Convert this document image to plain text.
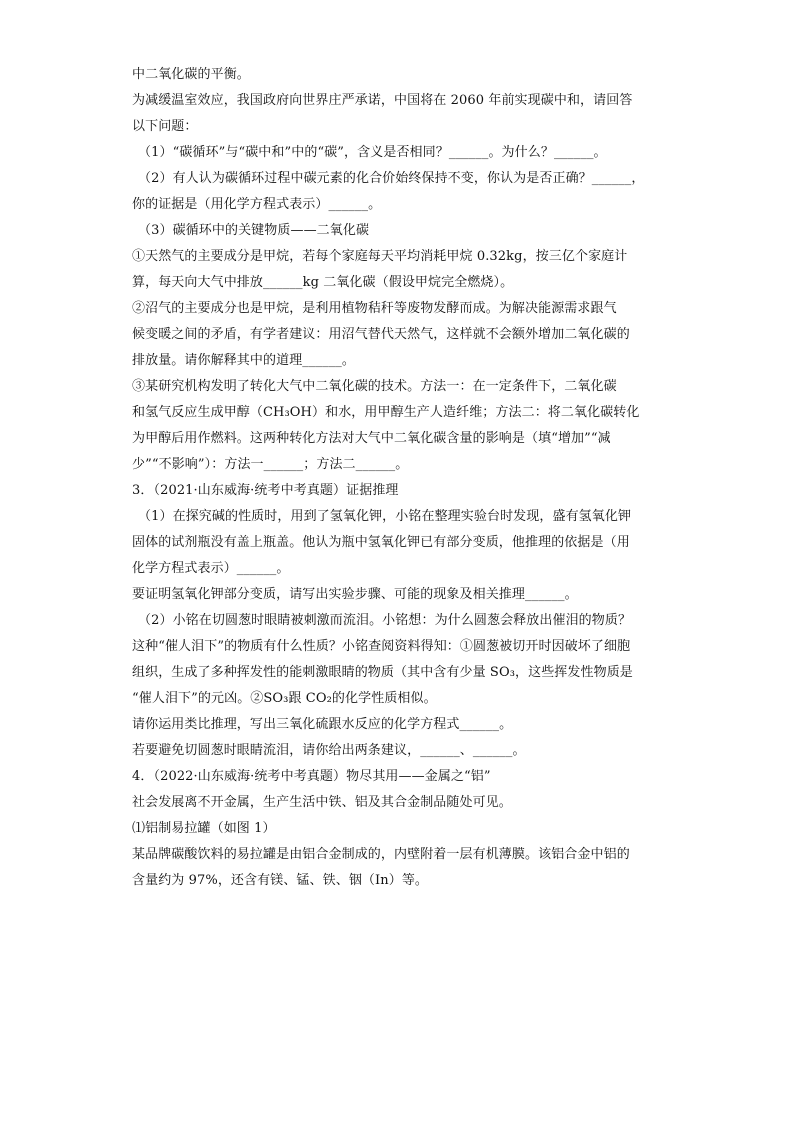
中二氧化碳的平衡。
为减缓温室效应，我国政府向世界庄严承诺，中国将在 2060 年前实现碳中和，请回答
以下问题：
（1）“碳循环”与“碳中和”中的“碳”，含义是否相同？______。为什么？______。
（2）有人认为碳循环过程中碳元素的化合价始终保持不变，你认为是否正确？______，
你的证据是（用化学方程式表示）______。
（3）碳循环中的关键物质——二氧化碳
①天然气的主要成分是甲烷，若每个家庭每天平均消耗甲烷 0.32kg，按三亿个家庭计
算，每天向大气中排放______kg 二氧化碳（假设甲烷完全燃烧）。
②沼气的主要成分也是甲烷，是利用植物秸秆等废物发酵而成。为解决能源需求跟气
候变暖之间的矛盾，有学者建议：用沼气替代天然气，这样就不会额外增加二氧化碳的
排放量。请你解释其中的道理______。
③某研究机构发明了转化大气中二氧化碳的技术。方法一：在一定条件下，二氧化碳
和氢气反应生成甲醇（CH₃OH）和水，用甲醇生产人造纤维；方法二：将二氧化碳转化
为甲醇后用作燃料。这两种转化方法对大气中二氧化碳含量的影响是（填“增加”“减
少”“不影响”）：方法一______；方法二______。
3．（2021·山东威海·统考中考真题）证据推理
（1）在探究碱的性质时，用到了氢氧化钾，小铭在整理实验台时发现，盛有氢氧化钾
固体的试剂瓶没有盖上瓶盖。他认为瓶中氢氧化钾已有部分变质，他推理的依据是（用
化学方程式表示）______。
要证明氢氧化钾部分变质，请写出实验步骤、可能的现象及相关推理______。
（2）小铭在切圆葱时眼睛被刺激而流泪。小铭想：为什么圆葱会释放出催泪的物质？
这种“催人泪下”的物质有什么性质？小铭查阅资料得知：①圆葱被切开时因破坏了细胞
组织，生成了多种挥发性的能刺激眼睛的物质（其中含有少量 SO₃，这些挥发性物质是
“催人泪下”的元凶。②SO₃跟 CO₂的化学性质相似。
请你运用类比推理，写出三氧化硫跟水反应的化学方程式______。
若要避免切圆葱时眼睛流泪，请你给出两条建议，______、______。
4．（2022·山东威海·统考中考真题）物尽其用——金属之“铝”
社会发展离不开金属，生产生活中铁、铝及其合金制品随处可见。
⑴铝制易拉罐（如图 1）
某品牌碳酸饮料的易拉罐是由铝合金制成的，内壁附着一层有机薄膜。该铝合金中铝的
含量约为 97%，还含有镁、锰、铁、铟（In）等。
